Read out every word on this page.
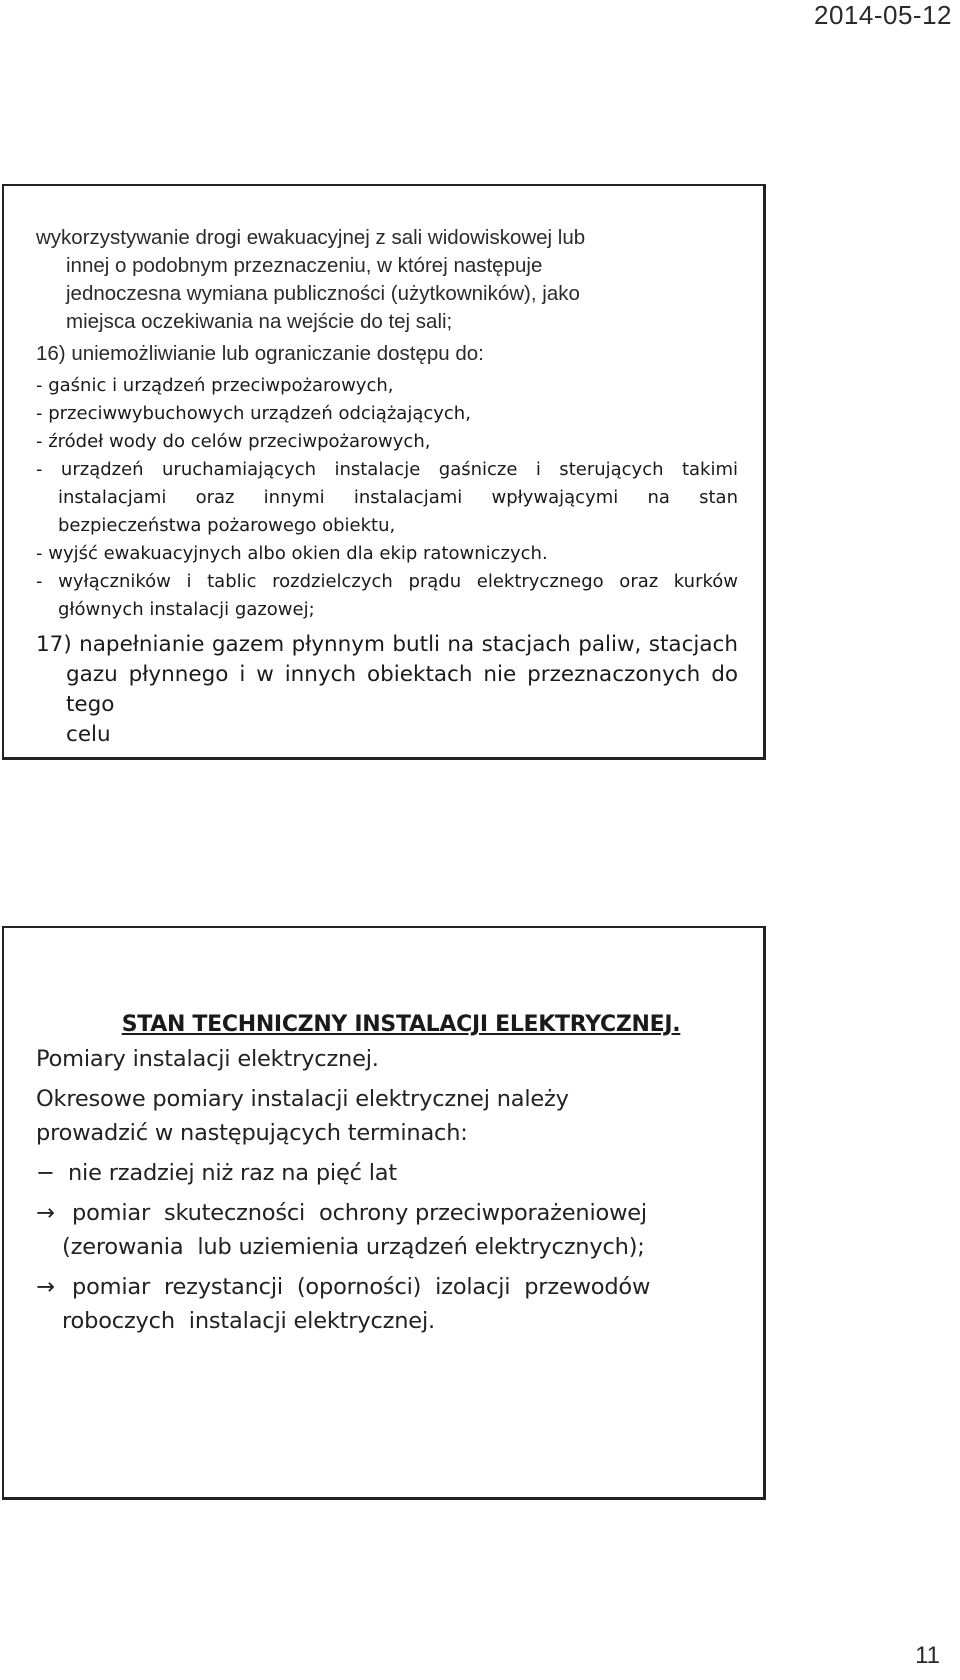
2014-05-12
wykorzystywanie drogi ewakuacyjnej z sali widowiskowej lub
innej o podobnym przeznaczeniu, w której następuje
jednoczesna wymiana publiczności (użytkowników), jako
miejsca oczekiwania na wejście do tej sali;
16) uniemożliwianie lub ograniczanie dostępu do:
- gaśnic i urządzeń przeciwpożarowych,
- przeciwwybuchowych urządzeń odciążających,
- źródeł wody do celów przeciwpożarowych,
- urządzeń uruchamiających instalacje gaśnicze i sterujących takimi
instalacjami oraz innymi instalacjami wpływającymi na stan
bezpieczeństwa pożarowego obiektu,
- wyjść ewakuacyjnych albo okien dla ekip ratowniczych.
- wyłączników i tablic rozdzielczych prądu elektrycznego oraz kurków
głównych instalacji gazowej;
17) napełnianie gazem płynnym butli na stacjach paliw, stacjach
gazu płynnego i w innych obiektach nie przeznaczonych do tego
celu
STAN TECHNICZNY INSTALACJI ELEKTRYCZNEJ.
Pomiary instalacji elektrycznej.
Okresowe pomiary instalacji elektrycznej należy
prowadzić w następujących terminach:
− nie rzadziej niż raz na pięć lat
→ pomiar  skuteczności  ochrony przeciwporażeniowej
(zerowania  lub uziemienia urządzeń elektrycznych);
→ pomiar  rezystancji  (oporności)  izolacji  przewodów
roboczych  instalacji elektrycznej.
11
